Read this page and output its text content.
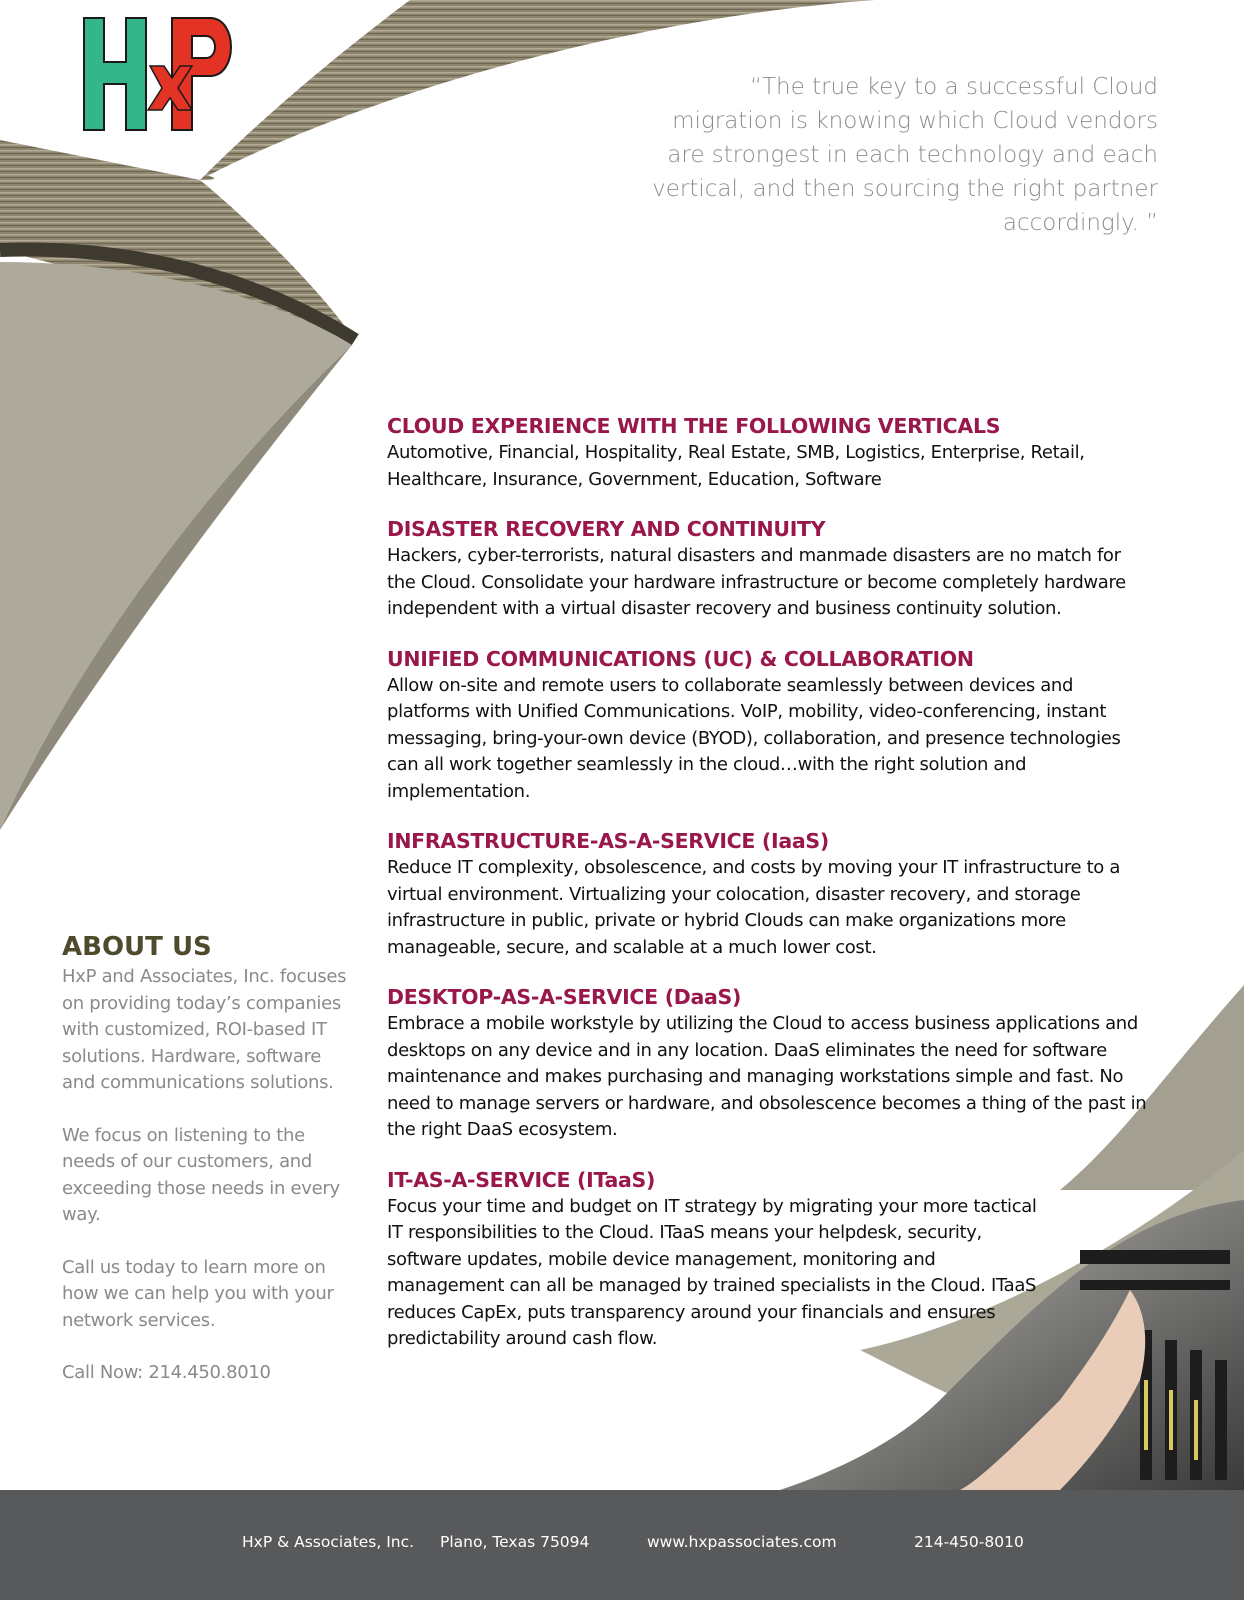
“The true key to a successful Cloud migration is knowing which Cloud vendors are strongest in each technology and each vertical, and then sourcing the right partner accordingly. ”
CLOUD EXPERIENCE WITH THE FOLLOWING VERTICALS

Automotive, Financial, Hospitality, Real Estate, SMB, Logistics, Enterprise, Retail, Healthcare, Insurance, Government, Education, Software

DISASTER RECOVERY AND CONTINUITY

Hackers, cyber-terrorists, natural disasters and manmade disasters are no match for the Cloud. Consolidate your hardware infrastructure or become completely hardware independent with a virtual disaster recovery and business continuity solution.

UNIFIED COMMUNICATIONS (UC) & COLLABORATION

Allow on-site and remote users to collaborate seamlessly between devices and platforms with Unified Communications. VoIP, mobility, video-conferencing, instant messaging, bring-your-own device (BYOD), collaboration, and presence technologies can all work together seamlessly in the cloud…with the right solution and implementation.

INFRASTRUCTURE-AS-A-SERVICE (IaaS)

Reduce IT complexity, obsolescence, and costs by moving your IT infrastructure to a virtual environment. Virtualizing your colocation, disaster recovery, and storage infrastructure in public, private or hybrid Clouds can make organizations more manageable, secure, and scalable at a much lower cost.

DESKTOP-AS-A-SERVICE (DaaS)

Embrace a mobile workstyle by utilizing the Cloud to access business applications and desktops on any device and in any location. DaaS eliminates the need for software maintenance and makes purchasing and managing workstations simple and fast. No need to manage servers or hardware, and obsolescence becomes a thing of the past in the right DaaS ecosystem.

IT-AS-A-SERVICE (ITaaS)

Focus your time and budget on IT strategy by migrating your more tactical IT responsibilities to the Cloud. ITaaS means your helpdesk, security, software updates, mobile device management, monitoring and management can all be managed by trained specialists in the Cloud. ITaaS reduces CapEx, puts transparency around your financials and ensures predictability around cash flow.

ABOUT US

HxP and Associates, Inc. focuses on providing today’s companies with customized, ROI-based IT solutions. Hardware, software and communications solutions.

We focus on listening to the needs of our customers, and exceeding those needs in every way.

Call us today to learn more on how we can help you with your network services.

Call Now: 214.450.8010

HxP & Associates, Inc. Plano, Texas 75094	www.hxpassociates.com	214-450-8010
